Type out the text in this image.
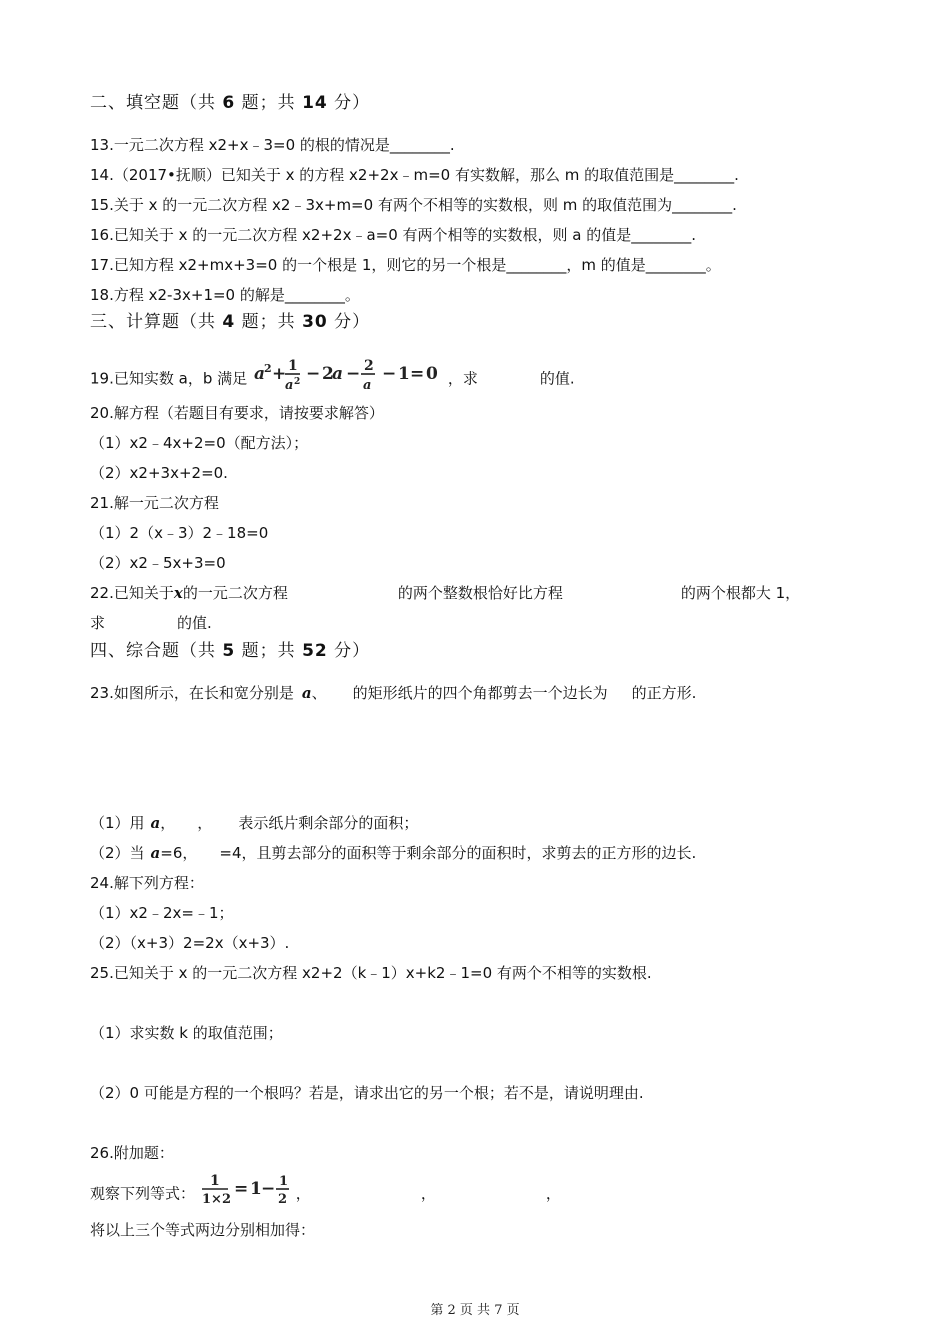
二、填空题（共 6 题；共 14 分）
13.一元二次方程 x2+x﹣3=0 的根的情况是________.
14.（2017•抚顺）已知关于 x 的方程 x2+2x﹣m=0 有实数解，那么 m 的取值范围是________.
15.关于 x 的一元二次方程 x2﹣3x+m=0 有两个不相等的实数根，则 m 的取值范围为________.
16.已知关于 x 的一元二次方程 x2+2x﹣a=0 有两个相等的实数根，则 a 的值是________.
17.已知方程 x2+mx+3=0 的一个根是 1，则它的另一个根是________，m 的值是________。
18.方程 x2-3x+1=0 的解是________。
三、计算题（共 4 题；共 30 分）
19.已知实数 a，b 满足 a
2 + 1
a 2 − 2
a − 2
a
− 1 = 0 ，求	的值.
20.解方程（若题目有要求，请按要求解答）
（1）x2﹣4x+2=0（配方法）；
（2）x2+3x+2=0.
21.解一元二次方程
（1）2（x﹣3）2﹣18=0
（2）x2﹣5x+3=0
22.已知关于x的一元二次方程	的两个整数根恰好比方程	的两个根都大 1，
求	的值.
四、综合题（共 5 题；共 52 分）
23.如图所示，在长和宽分别是 a、 的矩形纸片的四个角都剪去一个边长为 的正方形.
（1）用 a， ， 表示纸片剩余部分的面积；
（2）当 a=6， =4，且剪去部分的面积等于剩余部分的面积时，求剪去的正方形的边长.
24.解下列方程：
（1）x2﹣2x=﹣1；
（2）（x+3）2=2x（x+3）.
25.已知关于 x 的一元二次方程 x2+2（k﹣1）x+k2﹣1=0 有两个不相等的实数根.
（1）求实数 k 的取值范围；
（2）0 可能是方程的一个根吗？若是，请求出它的另一个根；若不是，请说明理由.
26.附加题：
观察下列等式：
1
1×2
= 1 − 1
2 ，	，	，
将以上三个等式两边分别相加得：
第 2 页 共 7 页
